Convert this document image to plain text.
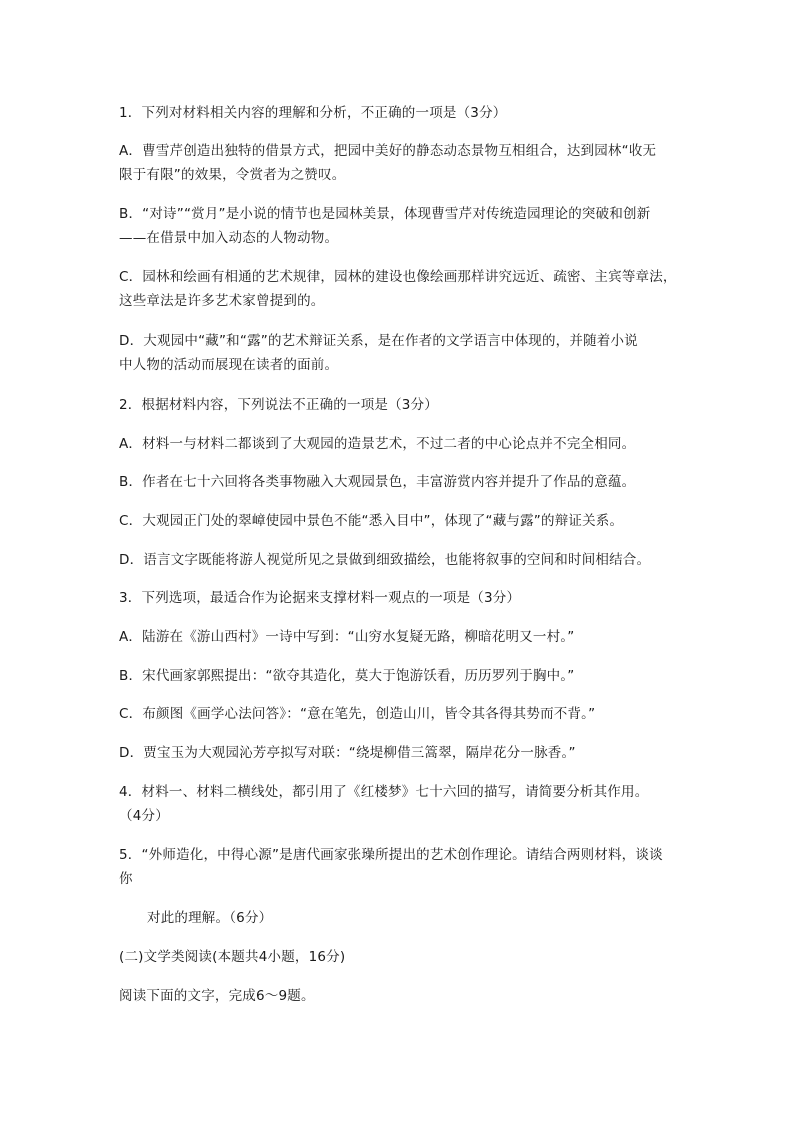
1．下列对材料相关内容的理解和分析，不正确的一项是（3分）
A．曹雪芹创造出独特的借景方式，把园中美好的静态动态景物互相组合，达到园林“收无
限于有限”的效果，令赏者为之赞叹。
B．“对诗”“赏月”是小说的情节也是园林美景，体现曹雪芹对传统造园理论的突破和创新
——在借景中加入动态的人物动物。
C．园林和绘画有相通的艺术规律，园林的建设也像绘画那样讲究远近、疏密、主宾等章法，
这些章法是许多艺术家曾提到的。
D．大观园中“藏”和“露”的艺术辩证关系，是在作者的文学语言中体现的，并随着小说
中人物的活动而展现在读者的面前。
2．根据材料内容，下列说法不正确的一项是（3分）
A．材料一与材料二都谈到了大观园的造景艺术，不过二者的中心论点并不完全相同。
B．作者在七十六回将各类事物融入大观园景色，丰富游赏内容并提升了作品的意蕴。
C．大观园正门处的翠嶂使园中景色不能“悉入目中”，体现了“藏与露”的辩证关系。
D．语言文字既能将游人视觉所见之景做到细致描绘，也能将叙事的空间和时间相结合。
3．下列选项，最适合作为论据来支撑材料一观点的一项是（3分）
A．陆游在《游山西村》一诗中写到：“山穷水复疑无路，柳暗花明又一村。”
B．宋代画家郭熙提出：“欲夺其造化，莫大于饱游饫看，历历罗列于胸中。”
C．布颜图《画学心法问答》：“意在笔先，创造山川，皆令其各得其势而不背。”
D．贾宝玉为大观园沁芳亭拟写对联：“绕堤柳借三篙翠，隔岸花分一脉香。”
4．材料一、材料二横线处，都引用了《红楼梦》七十六回的描写，请简要分析其作用。
（4分）
5．“外师造化，中得心源”是唐代画家张璪所提出的艺术创作理论。请结合两则材料，谈谈
你
对此的理解。（6分）
(二)文学类阅读(本题共4小题，16分)
阅读下面的文字，完成6～9题。
